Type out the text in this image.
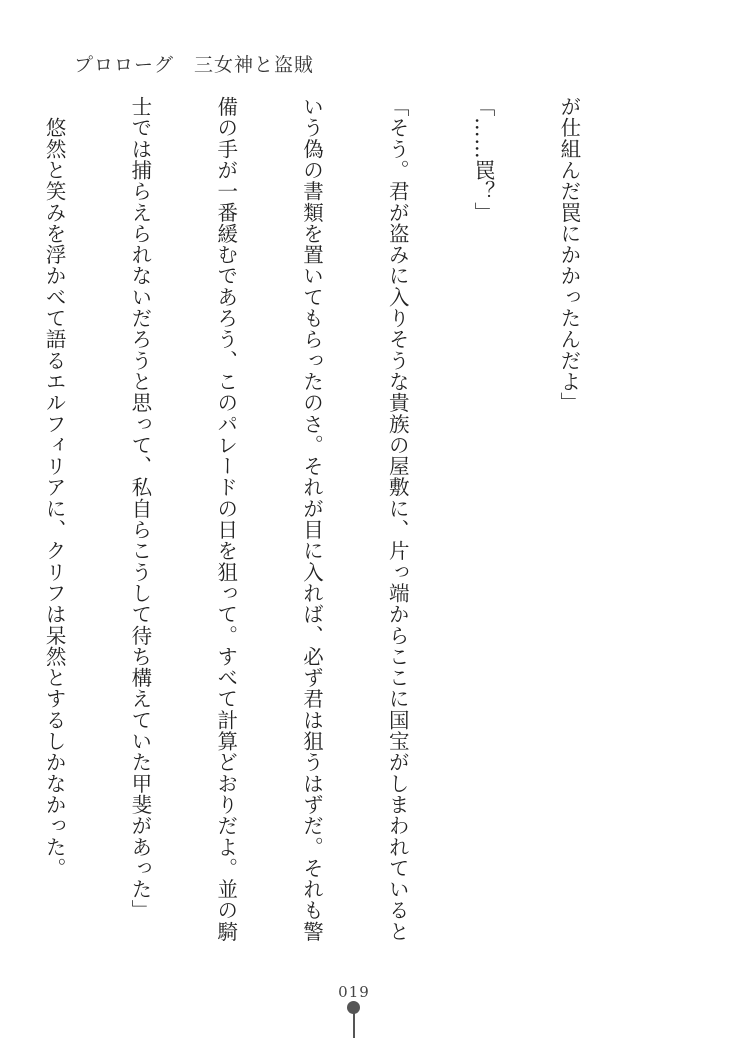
プロローグ　三女神と盗賊

が仕組んだ罠にかかったんだよ」

「……罠？」

「そう。君が盗みに入りそうな貴族の屋敷に、片っ端からここに国宝がしまわれていると

いう偽の書類を置いてもらったのさ。それが目に入れば、必ず君は狙うはずだ。それも警

備の手が一番緩むであろう、このパレードの日を狙って。すべて計算どおりだよ。並の騎

士では捕らえられないだろうと思って、私自らこうして待ち構えていた甲斐があった」

　悠然と笑みを浮かべて語るエルフィリアに、クリフは呆然とするしかなかった。

019
